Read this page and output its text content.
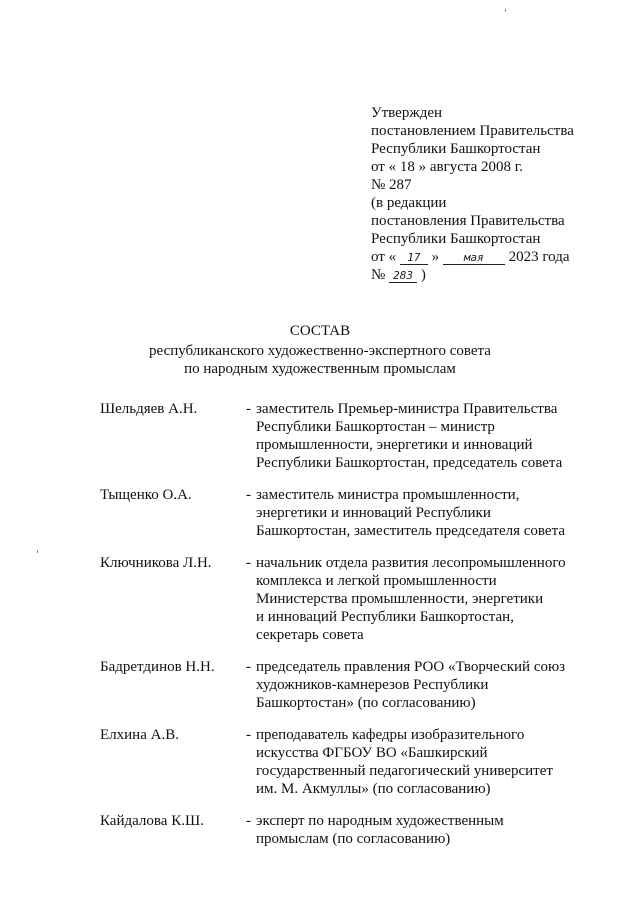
Утвержден
постановлением Правительства
Республики Башкортостан
от « 18 » августа 2008 г.
№ 287
(в редакции
постановления Правительства
Республики Башкортостан
от « 17 » мая 2023 года
№ 283 )
СОСТАВ
республиканского художественно-экспертного совета
по народным художественным промыслам
Шельдяев А.Н.	- заместитель Премьер-министра Правительства
Республики Башкортостан – министр
промышленности, энергетики и инноваций
Республики Башкортостан, председатель совета
Тыщенко О.А.	- заместитель министра промышленности,
энергетики и инноваций Республики
Башкортостан, заместитель председателя совета
Ключникова Л.Н.	- начальник отдела развития лесопромышленного
комплекса и легкой промышленности
Министерства промышленности, энергетики
и инноваций Республики Башкортостан,
секретарь совета
Бадретдинов Н.Н.	- председатель правления РОО «Творческий союз
художников-камнерезов Республики
Башкортостан» (по согласованию)
Елхина А.В.	- преподаватель кафедры изобразительного
искусства ФГБОУ ВО «Башкирский
государственный педагогический университет
им. М. Акмуллы» (по согласованию)
Кайдалова К.Ш.	- эксперт по народным художественным
промыслам (по согласованию)
